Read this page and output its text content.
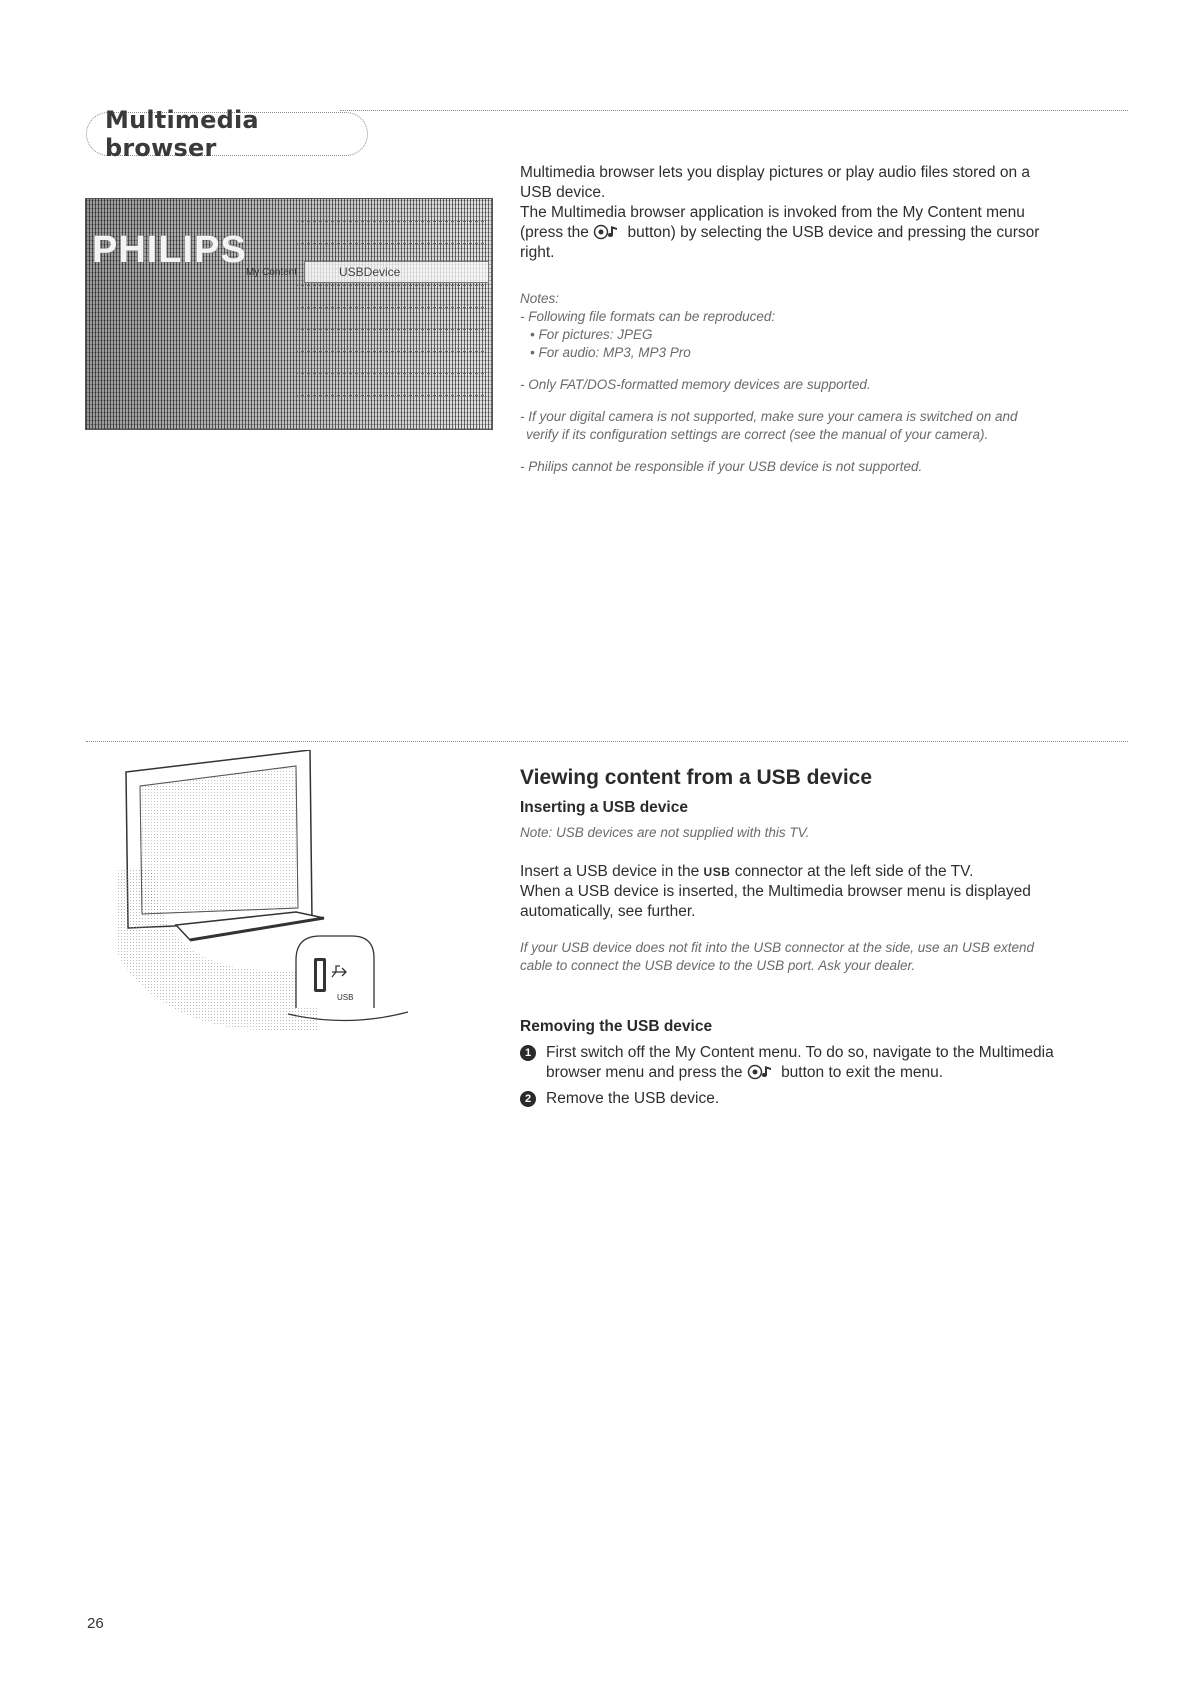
Multimedia browser
PHILIPS
My Content	USBDevice
Multimedia browser lets you display pictures or play audio files stored on a
USB device.
The Multimedia browser application is invoked from the My Content menu
(press the button) by selecting the USB device and pressing the cursor
right.
Notes:
- Following file formats can be reproduced:
• For pictures: JPEG
• For audio: MP3, MP3 Pro
- Only FAT/DOS-formatted memory devices are supported.
- If your digital camera is not supported, make sure your camera is switched on and
verify if its configuration settings are correct (see the manual of your camera).
- Philips cannot be responsible if your USB device is not supported.
USB
Viewing content from a USB device
Inserting a USB device
Note: USB devices are not supplied with this TV.
Insert a USB device in the USB connector at the left side of the TV.
When a USB device is inserted, the Multimedia browser menu is displayed
automatically, see further.
If your USB device does not fit into the USB connector at the side, use an USB extend
cable to connect the USB device to the USB port. Ask your dealer.
Removing the USB device
1 First switch off the My Content menu. To do so, navigate to the Multimedia
browser menu and press the button to exit the menu.
2 Remove the USB device.
26
